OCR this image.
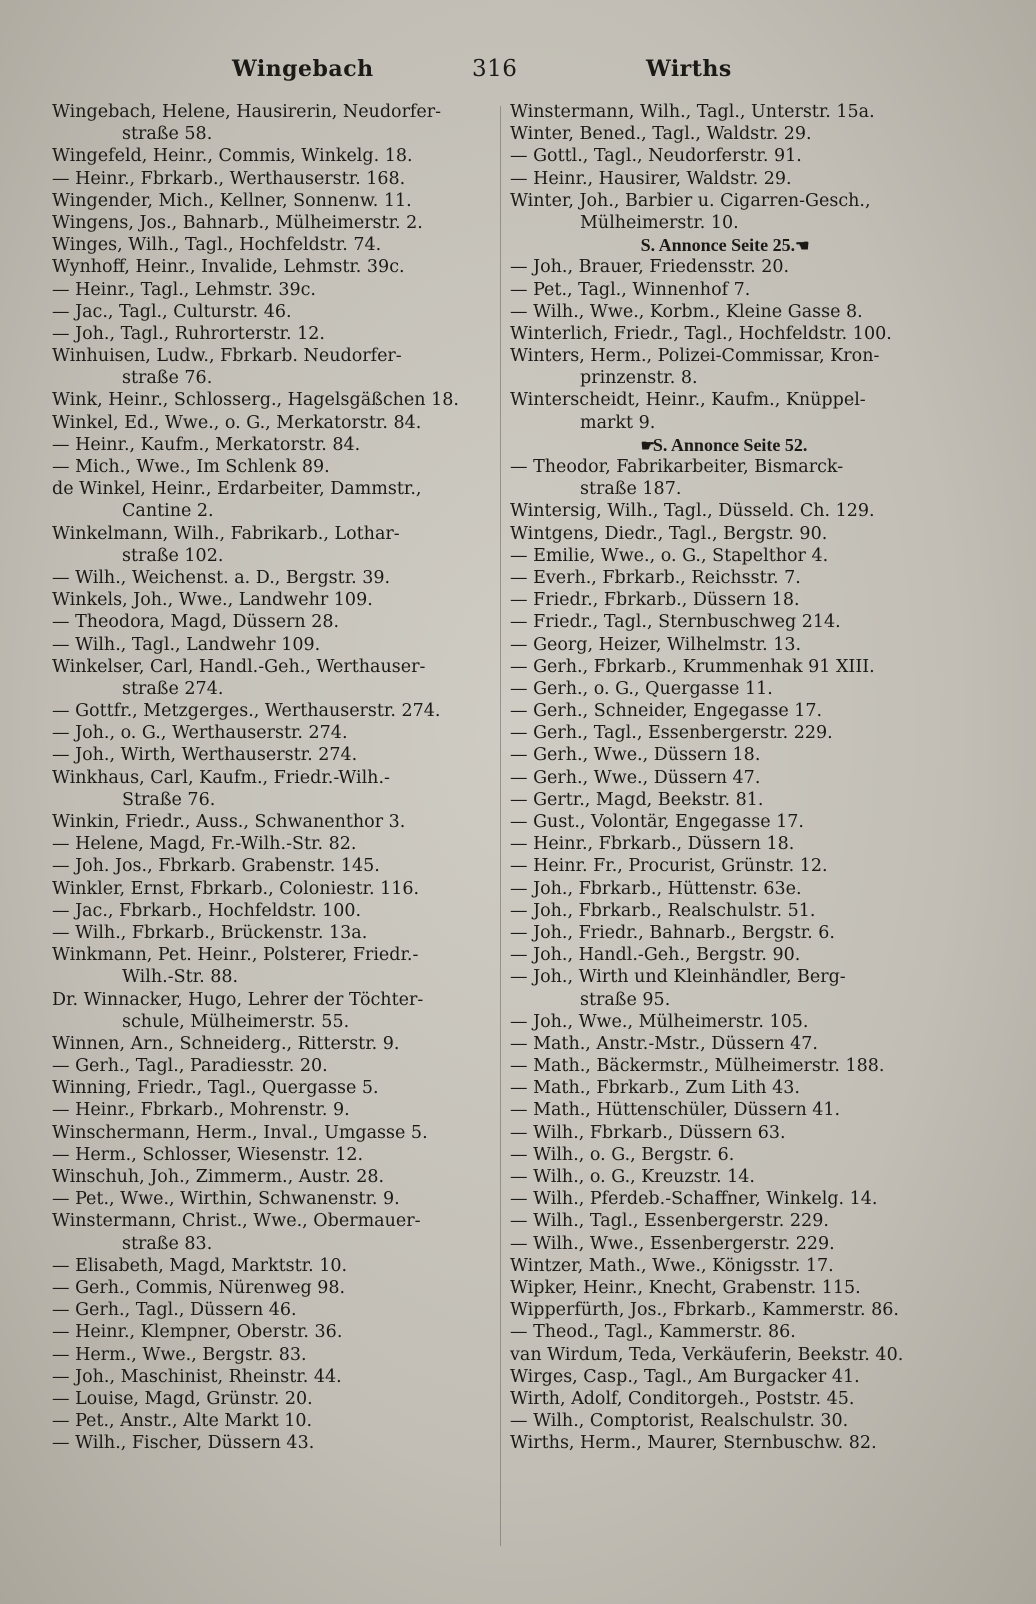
Wingebach	316	Wirths
Wingebach, Helene, Hausirerin, Neudorfer-
straße 58.
Wingefeld, Heinr., Commis, Winkelg. 18.
— Heinr., Fbrkarb., Werthauserstr. 168.
Wingender, Mich., Kellner, Sonnenw. 11.
Wingens, Jos., Bahnarb., Mülheimerstr. 2.
Winges, Wilh., Tagl., Hochfeldstr. 74.
Wynhoff, Heinr., Invalide, Lehmstr. 39c.
— Heinr., Tagl., Lehmstr. 39c.
— Jac., Tagl., Culturstr. 46.
— Joh., Tagl., Ruhrorterstr. 12.
Winhuisen, Ludw., Fbrkarb. Neudorfer-
straße 76.
Wink, Heinr., Schlosserg., Hagelsgäßchen 18.
Winkel, Ed., Wwe., o. G., Merkatorstr. 84.
— Heinr., Kaufm., Merkatorstr. 84.
— Mich., Wwe., Im Schlenk 89.
de Winkel, Heinr., Erdarbeiter, Dammstr.,
Cantine 2.
Winkelmann, Wilh., Fabrikarb., Lothar-
straße 102.
— Wilh., Weichenst. a. D., Bergstr. 39.
Winkels, Joh., Wwe., Landwehr 109.
— Theodora, Magd, Düssern 28.
— Wilh., Tagl., Landwehr 109.
Winkelser, Carl, Handl.-Geh., Werthauser-
straße 274.
— Gottfr., Metzgerges., Werthauserstr. 274.
— Joh., o. G., Werthauserstr. 274.
— Joh., Wirth, Werthauserstr. 274.
Winkhaus, Carl, Kaufm., Friedr.-Wilh.-
Straße 76.
Winkin, Friedr., Auss., Schwanenthor 3.
— Helene, Magd, Fr.-Wilh.-Str. 82.
— Joh. Jos., Fbrkarb. Grabenstr. 145.
Winkler, Ernst, Fbrkarb., Coloniestr. 116.
— Jac., Fbrkarb., Hochfeldstr. 100.
— Wilh., Fbrkarb., Brückenstr. 13a.
Winkmann, Pet. Heinr., Polsterer, Friedr.-
Wilh.-Str. 88.
Dr. Winnacker, Hugo, Lehrer der Töchter-
schule, Mülheimerstr. 55.
Winnen, Arn., Schneiderg., Ritterstr. 9.
— Gerh., Tagl., Paradiesstr. 20.
Winning, Friedr., Tagl., Quergasse 5.
— Heinr., Fbrkarb., Mohrenstr. 9.
Winschermann, Herm., Inval., Umgasse 5.
— Herm., Schlosser, Wiesenstr. 12.
Winschuh, Joh., Zimmerm., Austr. 28.
— Pet., Wwe., Wirthin, Schwanenstr. 9.
Winstermann, Christ., Wwe., Obermauer-
straße 83.
— Elisabeth, Magd, Marktstr. 10.
— Gerh., Commis, Nürenweg 98.
— Gerh., Tagl., Düssern 46.
— Heinr., Klempner, Oberstr. 36.
— Herm., Wwe., Bergstr. 83.
— Joh., Maschinist, Rheinstr. 44.
— Louise, Magd, Grünstr. 20.
— Pet., Anstr., Alte Markt 10.
— Wilh., Fischer, Düssern 43.
Winstermann, Wilh., Tagl., Unterstr. 15a.
Winter, Bened., Tagl., Waldstr. 29.
— Gottl., Tagl., Neudorferstr. 91.
— Heinr., Hausirer, Waldstr. 29.
Winter, Joh., Barbier u. Cigarren-Gesch.,
Mülheimerstr. 10.
S. Annonce Seite 25.☚
— Joh., Brauer, Friedensstr. 20.
— Pet., Tagl., Winnenhof 7.
— Wilh., Wwe., Korbm., Kleine Gasse 8.
Winterlich, Friedr., Tagl., Hochfeldstr. 100.
Winters, Herm., Polizei-Commissar, Kron-
prinzenstr. 8.
Winterscheidt, Heinr., Kaufm., Knüppel-
markt 9.
☛S. Annonce Seite 52.
— Theodor, Fabrikarbeiter, Bismarck-
straße 187.
Wintersig, Wilh., Tagl., Düsseld. Ch. 129.
Wintgens, Diedr., Tagl., Bergstr. 90.
— Emilie, Wwe., o. G., Stapelthor 4.
— Everh., Fbrkarb., Reichsstr. 7.
— Friedr., Fbrkarb., Düssern 18.
— Friedr., Tagl., Sternbuschweg 214.
— Georg, Heizer, Wilhelmstr. 13.
— Gerh., Fbrkarb., Krummenhak 91 XIII.
— Gerh., o. G., Quergasse 11.
— Gerh., Schneider, Engegasse 17.
— Gerh., Tagl., Essenbergerstr. 229.
— Gerh., Wwe., Düssern 18.
— Gerh., Wwe., Düssern 47.
— Gertr., Magd, Beekstr. 81.
— Gust., Volontär, Engegasse 17.
— Heinr., Fbrkarb., Düssern 18.
— Heinr. Fr., Procurist, Grünstr. 12.
— Joh., Fbrkarb., Hüttenstr. 63e.
— Joh., Fbrkarb., Realschulstr. 51.
— Joh., Friedr., Bahnarb., Bergstr. 6.
— Joh., Handl.-Geh., Bergstr. 90.
— Joh., Wirth und Kleinhändler, Berg-
straße 95.
— Joh., Wwe., Mülheimerstr. 105.
— Math., Anstr.-Mstr., Düssern 47.
— Math., Bäckermstr., Mülheimerstr. 188.
— Math., Fbrkarb., Zum Lith 43.
— Math., Hüttenschüler, Düssern 41.
— Wilh., Fbrkarb., Düssern 63.
— Wilh., o. G., Bergstr. 6.
— Wilh., o. G., Kreuzstr. 14.
— Wilh., Pferdeb.-Schaffner, Winkelg. 14.
— Wilh., Tagl., Essenbergerstr. 229.
— Wilh., Wwe., Essenbergerstr. 229.
Wintzer, Math., Wwe., Königsstr. 17.
Wipker, Heinr., Knecht, Grabenstr. 115.
Wipperfürth, Jos., Fbrkarb., Kammerstr. 86.
— Theod., Tagl., Kammerstr. 86.
van Wirdum, Teda, Verkäuferin, Beekstr. 40.
Wirges, Casp., Tagl., Am Burgacker 41.
Wirth, Adolf, Conditorgeh., Poststr. 45.
— Wilh., Comptorist, Realschulstr. 30.
Wirths, Herm., Maurer, Sternbuschw. 82.
